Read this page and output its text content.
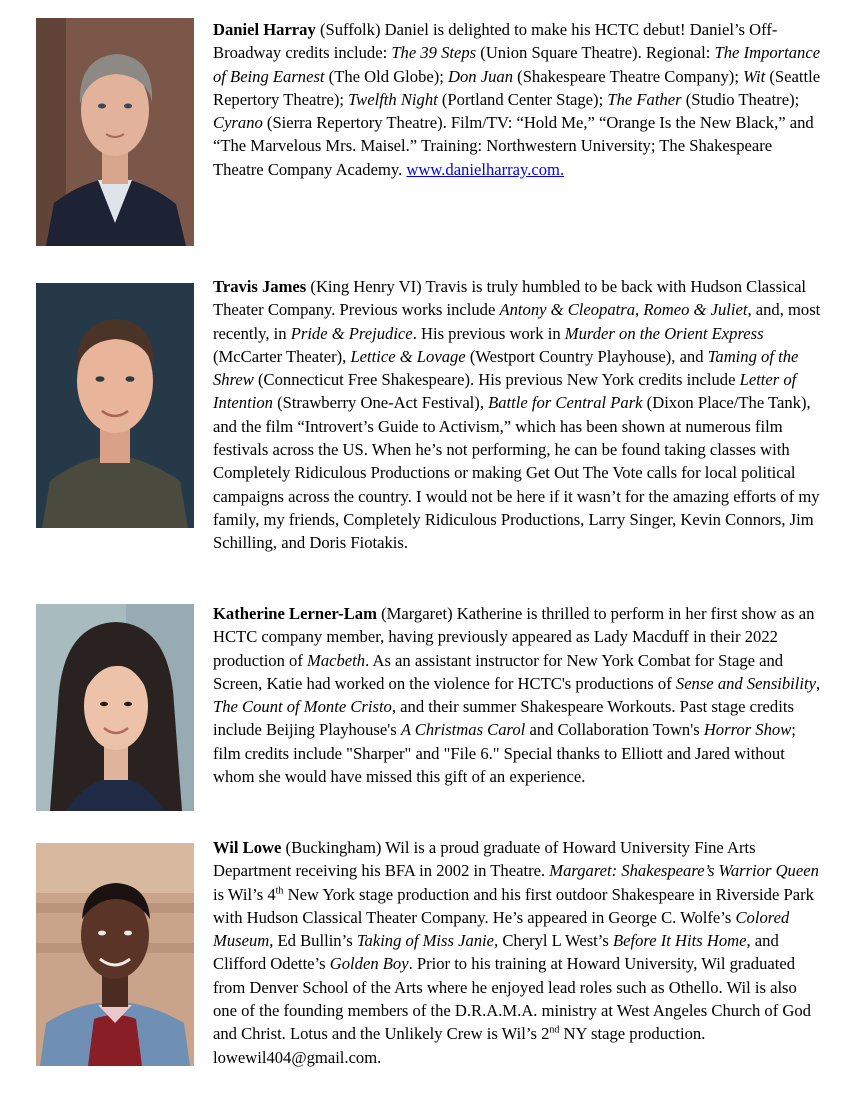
Daniel Harray (Suffolk) Daniel is delighted to make his HCTC debut! Daniel’s Off-Broadway credits include: The 39 Steps (Union Square Theatre). Regional: The Importance of Being Earnest (The Old Globe); Don Juan (Shakespeare Theatre Company); Wit (Seattle Repertory Theatre); Twelfth Night (Portland Center Stage); The Father (Studio Theatre); Cyrano (Sierra Repertory Theatre). Film/TV: “Hold Me,” “Orange Is the New Black,” and “The Marvelous Mrs. Maisel.” Training: Northwestern University; The Shakespeare Theatre Company Academy. www.danielharray.com.

Travis James (King Henry VI) Travis is truly humbled to be back with Hudson Classical Theater Company. Previous works include Antony & Cleopatra, Romeo & Juliet, and, most recently, in Pride & Prejudice. His previous work in Murder on the Orient Express (McCarter Theater), Lettice & Lovage (Westport Country Playhouse), and Taming of the Shrew (Connecticut Free Shakespeare). His previous New York credits include Letter of Intention (Strawberry One-Act Festival), Battle for Central Park (Dixon Place/The Tank), and the film “Introvert’s Guide to Activism,” which has been shown at numerous film festivals across the US. When he’s not performing, he can be found taking classes with Completely Ridiculous Productions or making Get Out The Vote calls for local political campaigns across the country. I would not be here if it wasn’t for the amazing efforts of my family, my friends, Completely Ridiculous Productions, Larry Singer, Kevin Connors, Jim Schilling, and Doris Fiotakis.

Katherine Lerner-Lam (Margaret) Katherine is thrilled to perform in her first show as an HCTC company member, having previously appeared as Lady Macduff in their 2022 production of Macbeth. As an assistant instructor for New York Combat for Stage and Screen, Katie had worked on the violence for HCTC's productions of Sense and Sensibility, The Count of Monte Cristo, and their summer Shakespeare Workouts. Past stage credits include Beijing Playhouse's A Christmas Carol and Collaboration Town's Horror Show; film credits include "Sharper" and "File 6." Special thanks to Elliott and Jared without whom she would have missed this gift of an experience.

Wil Lowe (Buckingham) Wil is a proud graduate of Howard University Fine Arts Department receiving his BFA in 2002 in Theatre. Margaret: Shakespeare’s Warrior Queen is Wil’s 4th New York stage production and his first outdoor Shakespeare in Riverside Park with Hudson Classical Theater Company. He’s appeared in George C. Wolfe’s Colored Museum, Ed Bullin’s Taking of Miss Janie, Cheryl L West’s Before It Hits Home, and Clifford Odette’s Golden Boy. Prior to his training at Howard University, Wil graduated from Denver School of the Arts where he enjoyed lead roles such as Othello. Wil is also one of the founding members of the D.R.A.M.A. ministry at West Angeles Church of God and Christ. Lotus and the Unlikely Crew is Wil’s 2nd NY stage production. lowewil404@gmail.com.
